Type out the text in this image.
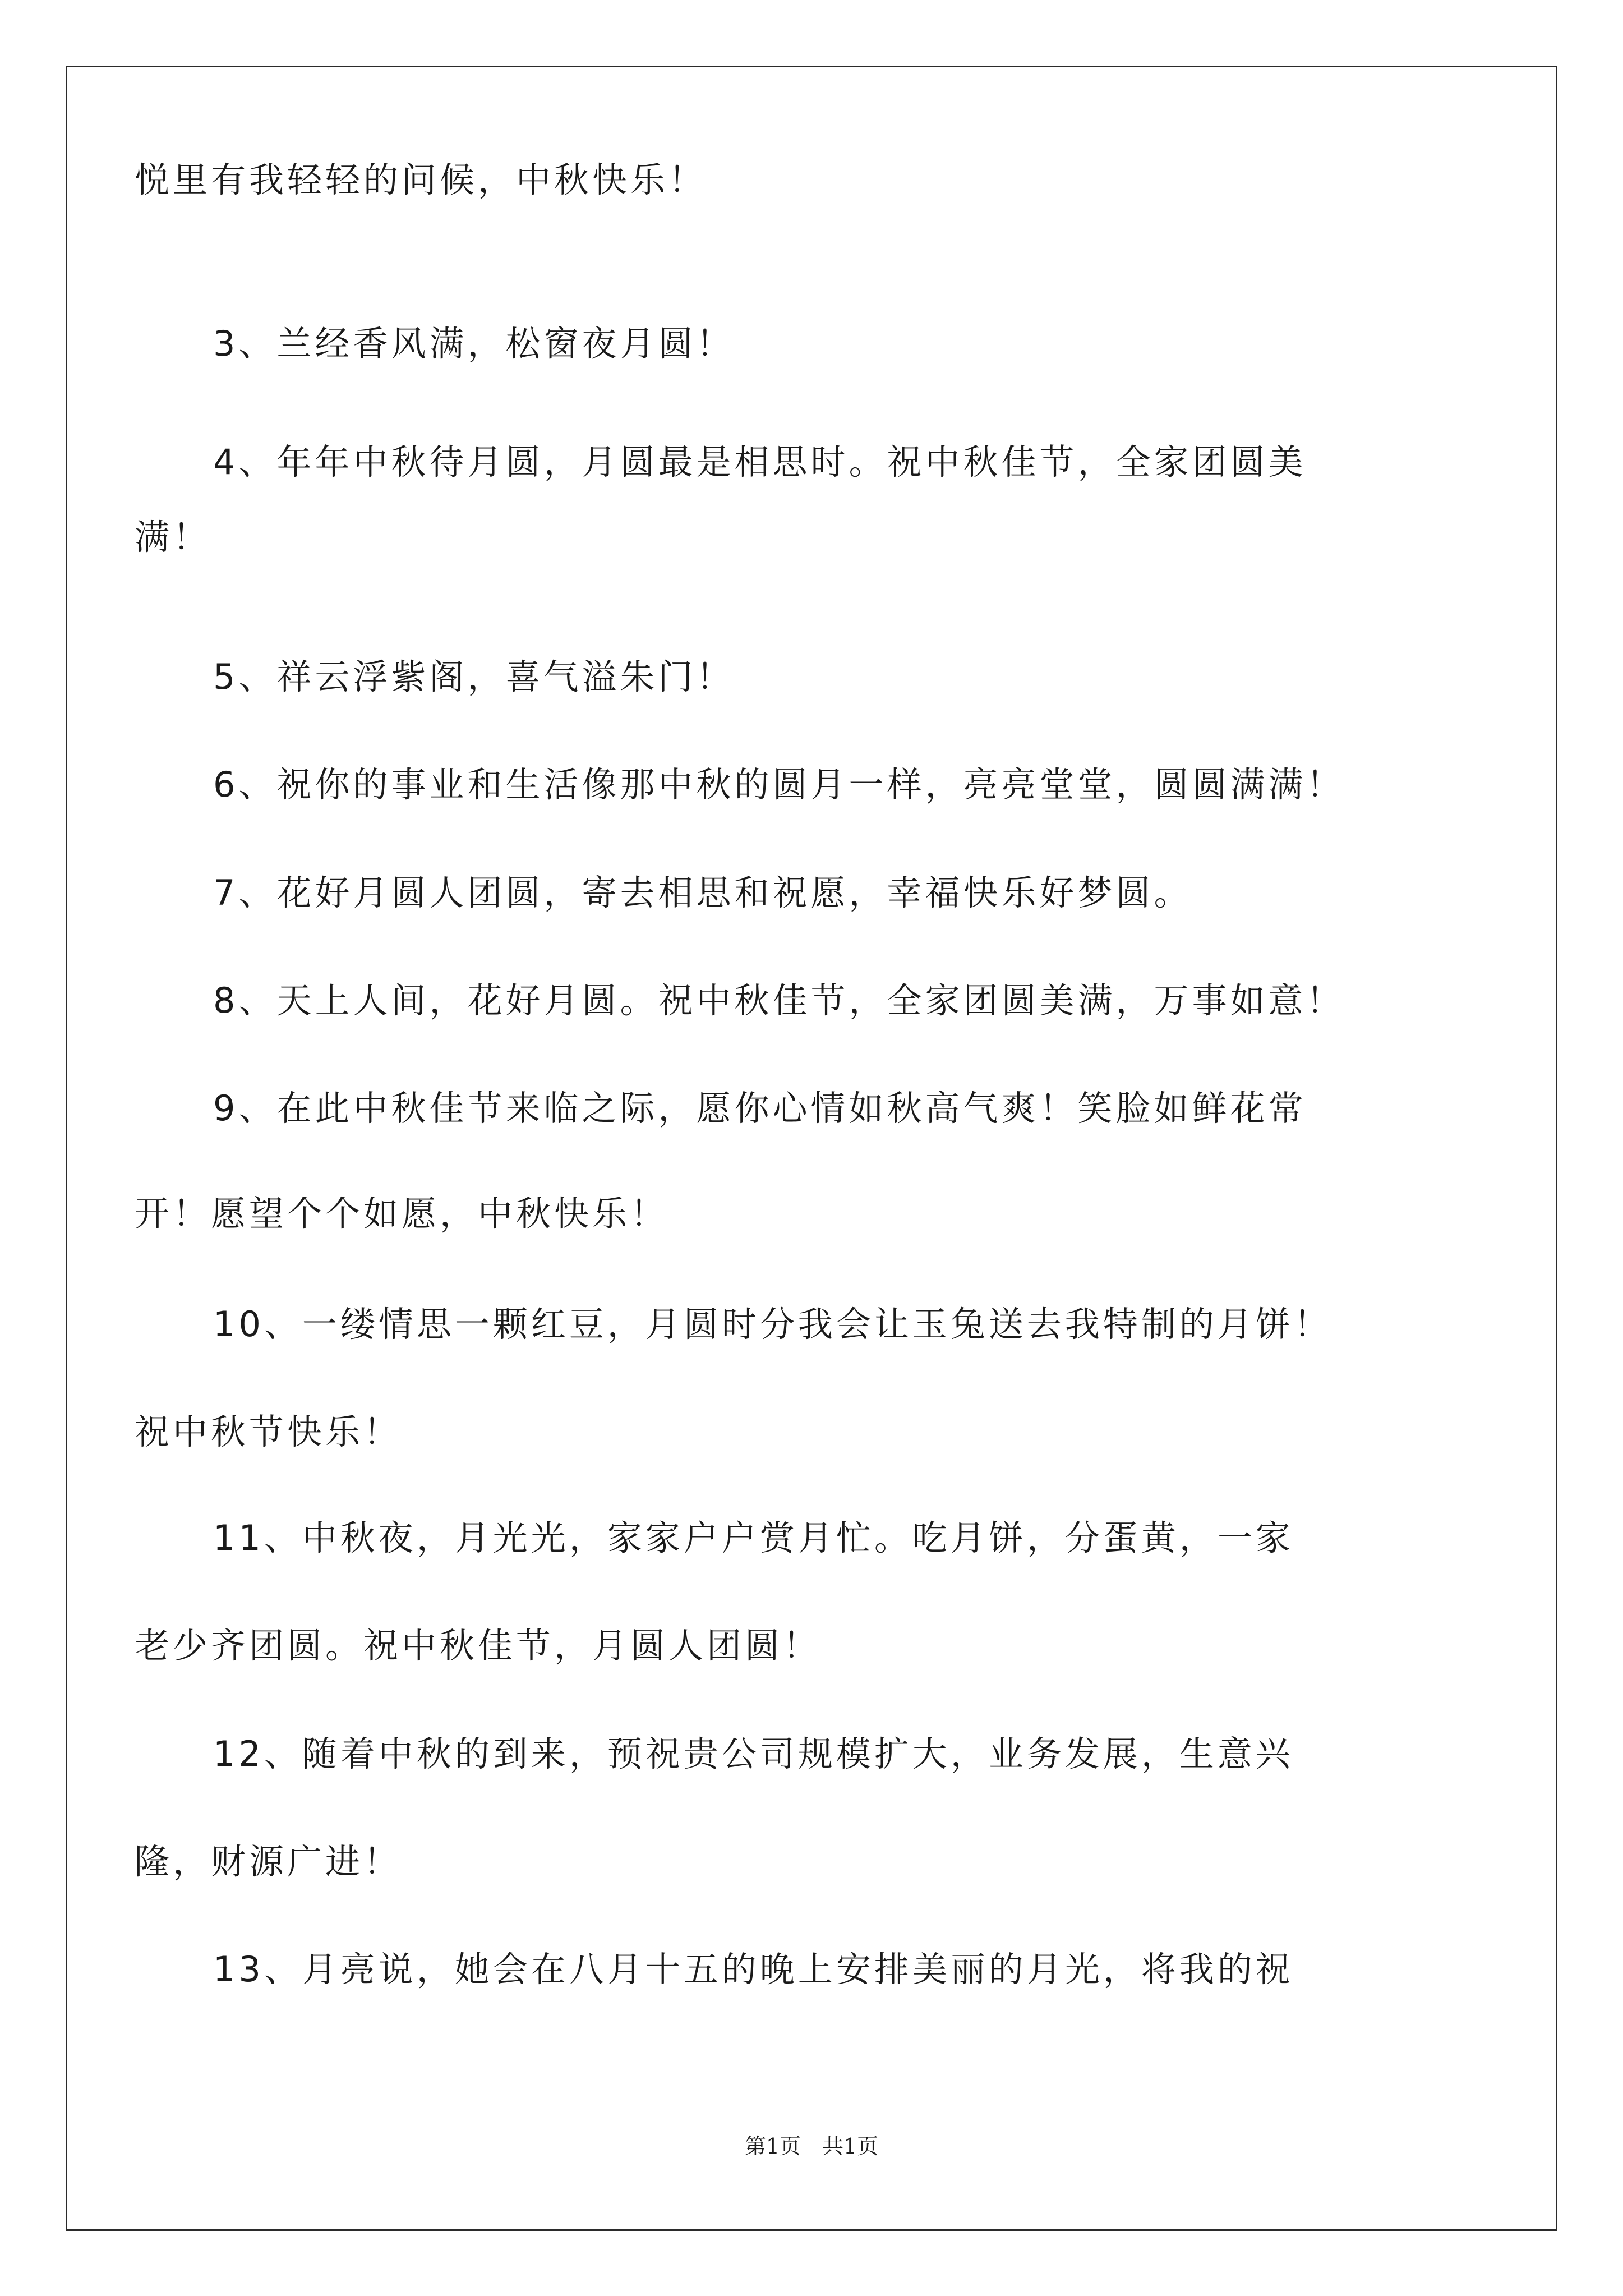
悦里有我轻轻的问候，中秋快乐！
3、兰经香风满，松窗夜月圆！
4、年年中秋待月圆，月圆最是相思时。祝中秋佳节，全家团圆美
满！
5、祥云浮紫阁，喜气溢朱门！
6、祝你的事业和生活像那中秋的圆月一样，亮亮堂堂，圆圆满满！
7、花好月圆人团圆，寄去相思和祝愿，幸福快乐好梦圆。
8、天上人间，花好月圆。祝中秋佳节，全家团圆美满，万事如意！
9、在此中秋佳节来临之际，愿你心情如秋高气爽！笑脸如鲜花常
开！愿望个个如愿，中秋快乐！
10、一缕情思一颗红豆，月圆时分我会让玉兔送去我特制的月饼！
祝中秋节快乐！
11、中秋夜，月光光，家家户户赏月忙。吃月饼，分蛋黄，一家
老少齐团圆。祝中秋佳节，月圆人团圆！
12、随着中秋的到来，预祝贵公司规模扩大，业务发展，生意兴
隆，财源广进！
13、月亮说，她会在八月十五的晚上安排美丽的月光，将我的祝
第1页　共1页
